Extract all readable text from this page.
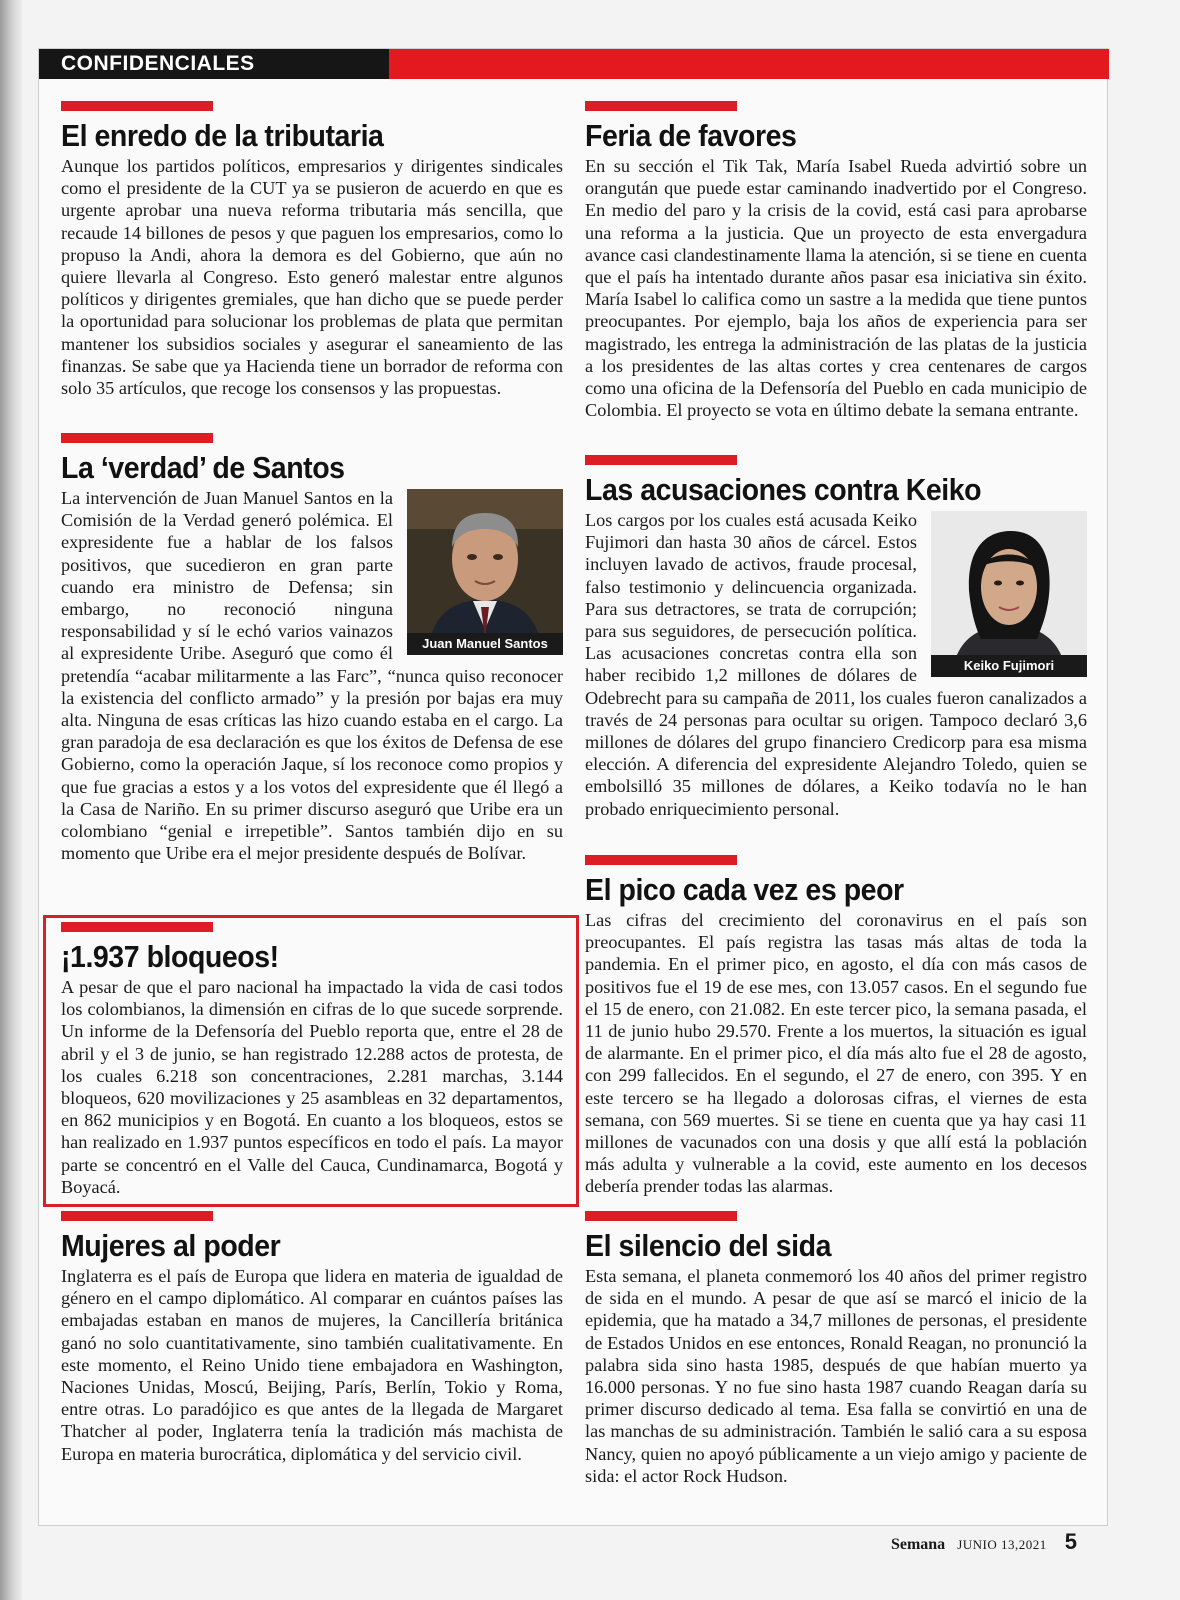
CONFIDENCIALES
El enredo de la tributaria

Aunque los partidos políticos, empresarios y dirigentes sindicales como el presidente de la CUT ya se pusieron de acuerdo en que es urgente aprobar una nueva reforma tributaria más sencilla, que recaude 14 billones de pesos y que paguen los empresarios, como lo propuso la Andi, ahora la demora es del Gobierno, que aún no quiere llevarla al Congreso. Esto generó malestar entre algunos políticos y dirigentes gremiales, que han dicho que se puede perder la oportunidad para solucionar los problemas de plata que permitan mantener los subsidios sociales y asegurar el saneamiento de las finanzas. Se sabe que ya Hacienda tiene un borrador de reforma con solo 35 artículos, que recoge los consensos y las propuestas.

La ‘verdad’ de Santos

Juan Manuel Santos
La intervención de Juan Manuel Santos en la Comisión de la Verdad generó polémica. El expresidente fue a hablar de los falsos positivos, que sucedieron en gran parte cuando era ministro de Defensa; sin embargo, no reconoció ninguna responsabilidad y sí le echó varios vainazos al expresidente Uribe. Aseguró que como él pretendía “acabar militarmente a las Farc”, “nunca quiso reconocer la existencia del conflicto armado” y la presión por bajas era muy alta. Ninguna de esas críticas las hizo cuando estaba en el cargo. La gran paradoja de esa declaración es que los éxitos de Defensa de ese Gobierno, como la operación Jaque, sí los reconoce como propios y que fue gracias a estos y a los votos del expresidente que él llegó a la Casa de Nariño. En su primer discurso aseguró que Uribe era un colombiano “genial e irrepetible”. Santos también dijo en su momento que Uribe era el mejor presidente después de Bolívar.

¡1.937 bloqueos!

A pesar de que el paro nacional ha impactado la vida de casi todos los colombianos, la dimensión en cifras de lo que sucede sorprende. Un informe de la Defensoría del Pueblo reporta que, entre el 28 de abril y el 3 de junio, se han registrado 12.288 actos de protesta, de los cuales 6.218 son concentraciones, 2.281 marchas, 3.144 bloqueos, 620 movilizaciones y 25 asambleas en 32 departamentos, en 862 municipios y en Bogotá. En cuanto a los bloqueos, estos se han realizado en 1.937 puntos específicos en todo el país. La mayor parte se concentró en el Valle del Cauca, Cundinamarca, Bogotá y Boyacá.

Mujeres al poder

Inglaterra es el país de Europa que lidera en materia de igualdad de género en el campo diplomático. Al comparar en cuántos países las embajadas estaban en manos de mujeres, la Cancillería británica ganó no solo cuantitativamente, sino también cualitativamente. En este momento, el Reino Unido tiene embajadora en Washington, Naciones Unidas, Moscú, Beijing, París, Berlín, Tokio y Roma, entre otras. Lo paradójico es que antes de la llegada de Margaret Thatcher al poder, Inglaterra tenía la tradición más machista de Europa en materia burocrática, diplomática y del servicio civil.

Feria de favores

En su sección el Tik Tak, María Isabel Rueda advirtió sobre un orangután que puede estar caminando inadvertido por el Congreso. En medio del paro y la crisis de la covid, está casi para aprobarse una reforma a la justicia. Que un proyecto de esta envergadura avance casi clandestinamente llama la atención, si se tiene en cuenta que el país ha intentado durante años pasar esa iniciativa sin éxito. María Isabel lo califica como un sastre a la medida que tiene puntos preocupantes. Por ejemplo, baja los años de experiencia para ser magistrado, les entrega la administración de las platas de la justicia a los presidentes de las altas cortes y crea centenares de cargos como una oficina de la Defensoría del Pueblo en cada municipio de Colombia. El proyecto se vota en último debate la semana entrante.

Las acusaciones contra Keiko

Keiko Fujimori
Los cargos por los cuales está acusada Keiko Fujimori dan hasta 30 años de cárcel. Estos incluyen lavado de activos, fraude procesal, falso testimonio y delincuencia organizada. Para sus detractores, se trata de corrupción; para sus seguidores, de persecución política. Las acusaciones concretas contra ella son haber recibido 1,2 millones de dólares de Odebrecht para su campaña de 2011, los cuales fueron canalizados a través de 24 personas para ocultar su origen. Tampoco declaró 3,6 millones de dólares del grupo financiero Credicorp para esa misma elección. A diferencia del expresidente Alejandro Toledo, quien se embolsilló 35 millones de dólares, a Keiko todavía no le han probado enriquecimiento personal.

El pico cada vez es peor

Las cifras del crecimiento del coronavirus en el país son preocupantes. El país registra las tasas más altas de toda la pandemia. En el primer pico, en agosto, el día con más casos de positivos fue el 19 de ese mes, con 13.057 casos. En el segundo fue el 15 de enero, con 21.082. En este tercer pico, la semana pasada, el 11 de junio hubo 29.570. Frente a los muertos, la situación es igual de alarmante. En el primer pico, el día más alto fue el 28 de agosto, con 299 fallecidos. En el segundo, el 27 de enero, con 395. Y en este tercero se ha llegado a dolorosas cifras, el viernes de esta semana, con 569 muertes. Si se tiene en cuenta que ya hay casi 11 millones de vacunados con una dosis y que allí está la población más adulta y vulnerable a la covid, este aumento en los decesos debería prender todas las alarmas.

El silencio del sida

Esta semana, el planeta conmemoró los 40 años del primer registro de sida en el mundo. A pesar de que así se marcó el inicio de la epidemia, que ha matado a 34,7 millones de personas, el presidente de Estados Unidos en ese entonces, Ronald Reagan, no pronunció la palabra sida sino hasta 1985, después de que habían muerto ya 16.000 personas. Y no fue sino hasta 1987 cuando Reagan daría su primer discurso dedicado al tema. Esa falla se convirtió en una de las manchas de su administración. También le salió cara a su esposa Nancy, quien no apoyó públicamente a un viejo amigo y paciente de sida: el actor Rock Hudson.

Semana JUNIO 13,2021 5
